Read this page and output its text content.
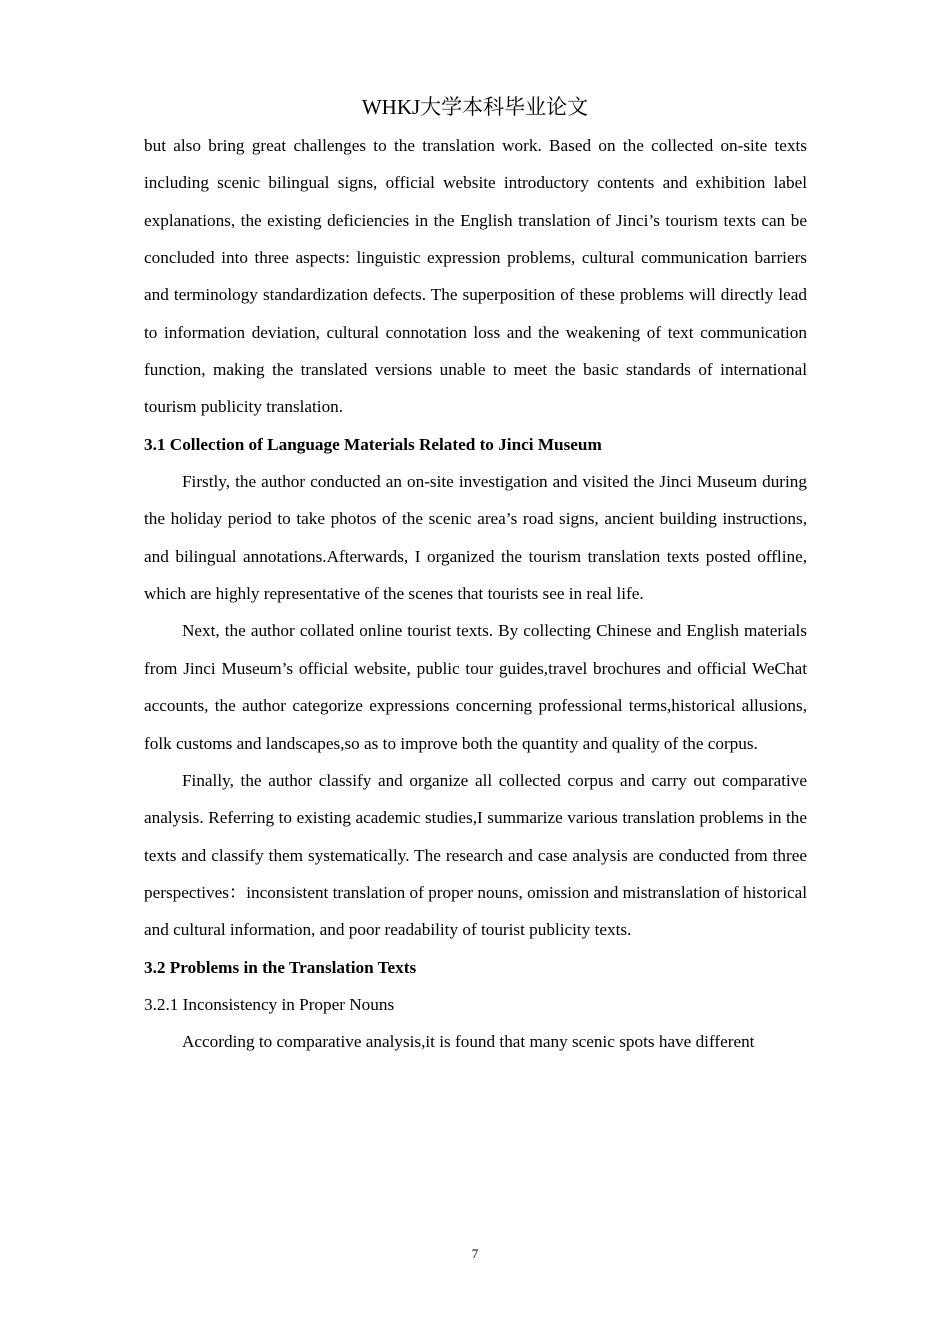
WHKJ大学本科毕业论文

but also bring great challenges to the translation work. Based on the collected on-site texts including scenic bilingual signs, official website introductory contents and exhibition label explanations, the existing deficiencies in the English translation of Jinci’s tourism texts can be concluded into three aspects: linguistic expression problems, cultural communication barriers and terminology standardization defects. The superposition of these problems will directly lead to information deviation, cultural connotation loss and the weakening of text communication function, making the translated versions unable to meet the basic standards of international tourism publicity translation.

3.1 Collection of Language Materials Related to Jinci Museum

Firstly, the author conducted an on-site investigation and visited the Jinci Museum during the holiday period to take photos of the scenic area’s road signs, ancient building instructions, and bilingual annotations.Afterwards, I organized the tourism translation texts posted offline, which are highly representative of the scenes that tourists see in real life.

Next, the author collated online tourist texts. By collecting Chinese and English materials from Jinci Museum’s official website, public tour guides,travel brochures and official WeChat accounts, the author categorize expressions concerning professional terms,historical allusions, folk customs and landscapes,so as to improve both the quantity and quality of the corpus.

Finally, the author classify and organize all collected corpus and carry out comparative analysis. Referring to existing academic studies,I summarize various translation problems in the texts and classify them systematically. The research and case analysis are conducted from three perspectives：inconsistent translation of proper nouns, omission and mistranslation of historical and cultural information, and poor readability of tourist publicity texts.

3.2 Problems in the Translation Texts

3.2.1 Inconsistency in Proper Nouns

According to comparative analysis,it is found that many scenic spots have different

7
